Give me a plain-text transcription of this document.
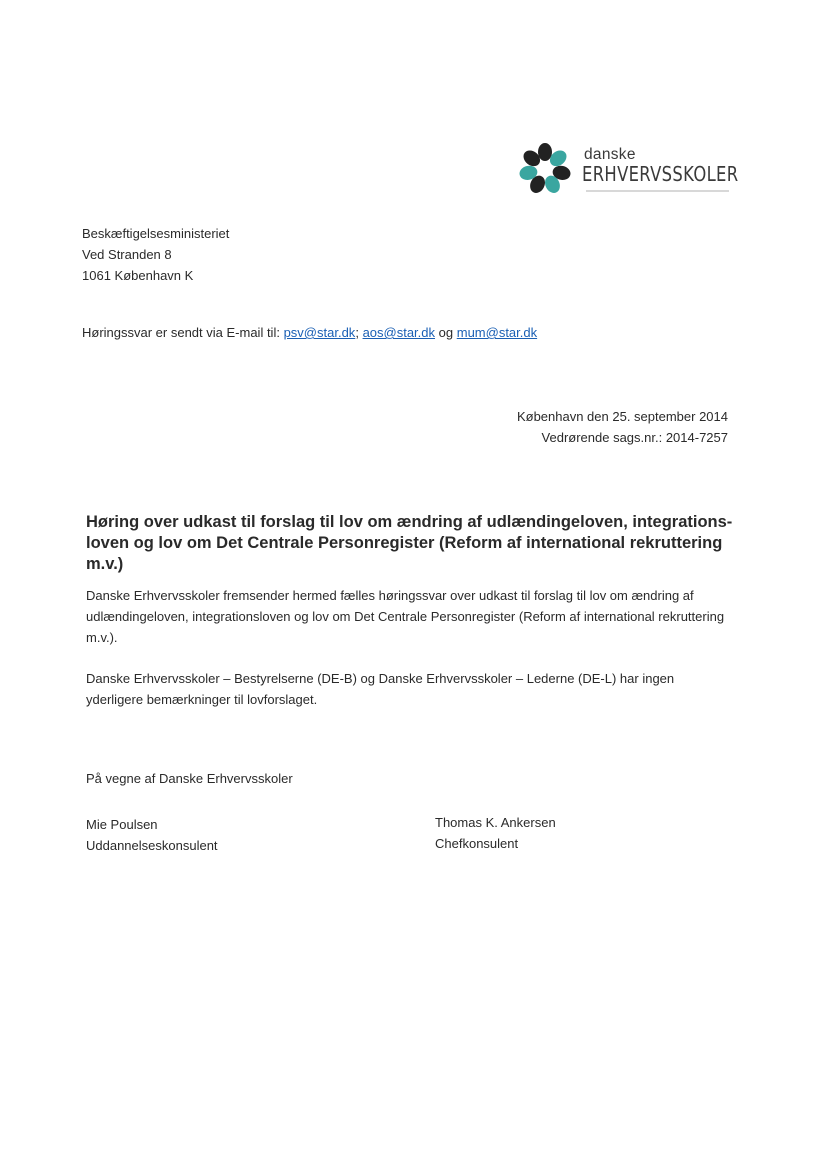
danske
ERHVERVSSKOLER
Beskæftigelsesministeriet
Ved Stranden 8
1061 København K
Høringssvar er sendt via E-mail til: psv@star.dk; aos@star.dk og mum@star.dk
København den 25. september 2014
Vedrørende sags.nr.: 2014-7257
Høring over udkast til forslag til lov om ændring af udlændingeloven, integrations-loven og lov om Det Centrale Personregister (Reform af international rekruttering m.v.)
Danske Erhvervsskoler fremsender hermed fælles høringssvar over udkast til forslag til lov om ændring af udlændingeloven, integrationsloven og lov om Det Centrale Personregister (Reform af international rekruttering m.v.).
Danske Erhvervsskoler – Bestyrelserne (DE-B) og Danske Erhvervsskoler – Lederne (DE-L) har ingen yderligere bemærkninger til lovforslaget.
På vegne af Danske Erhvervsskoler
Mie Poulsen
Uddannelseskonsulent
Thomas K. Ankersen
Chefkonsulent
